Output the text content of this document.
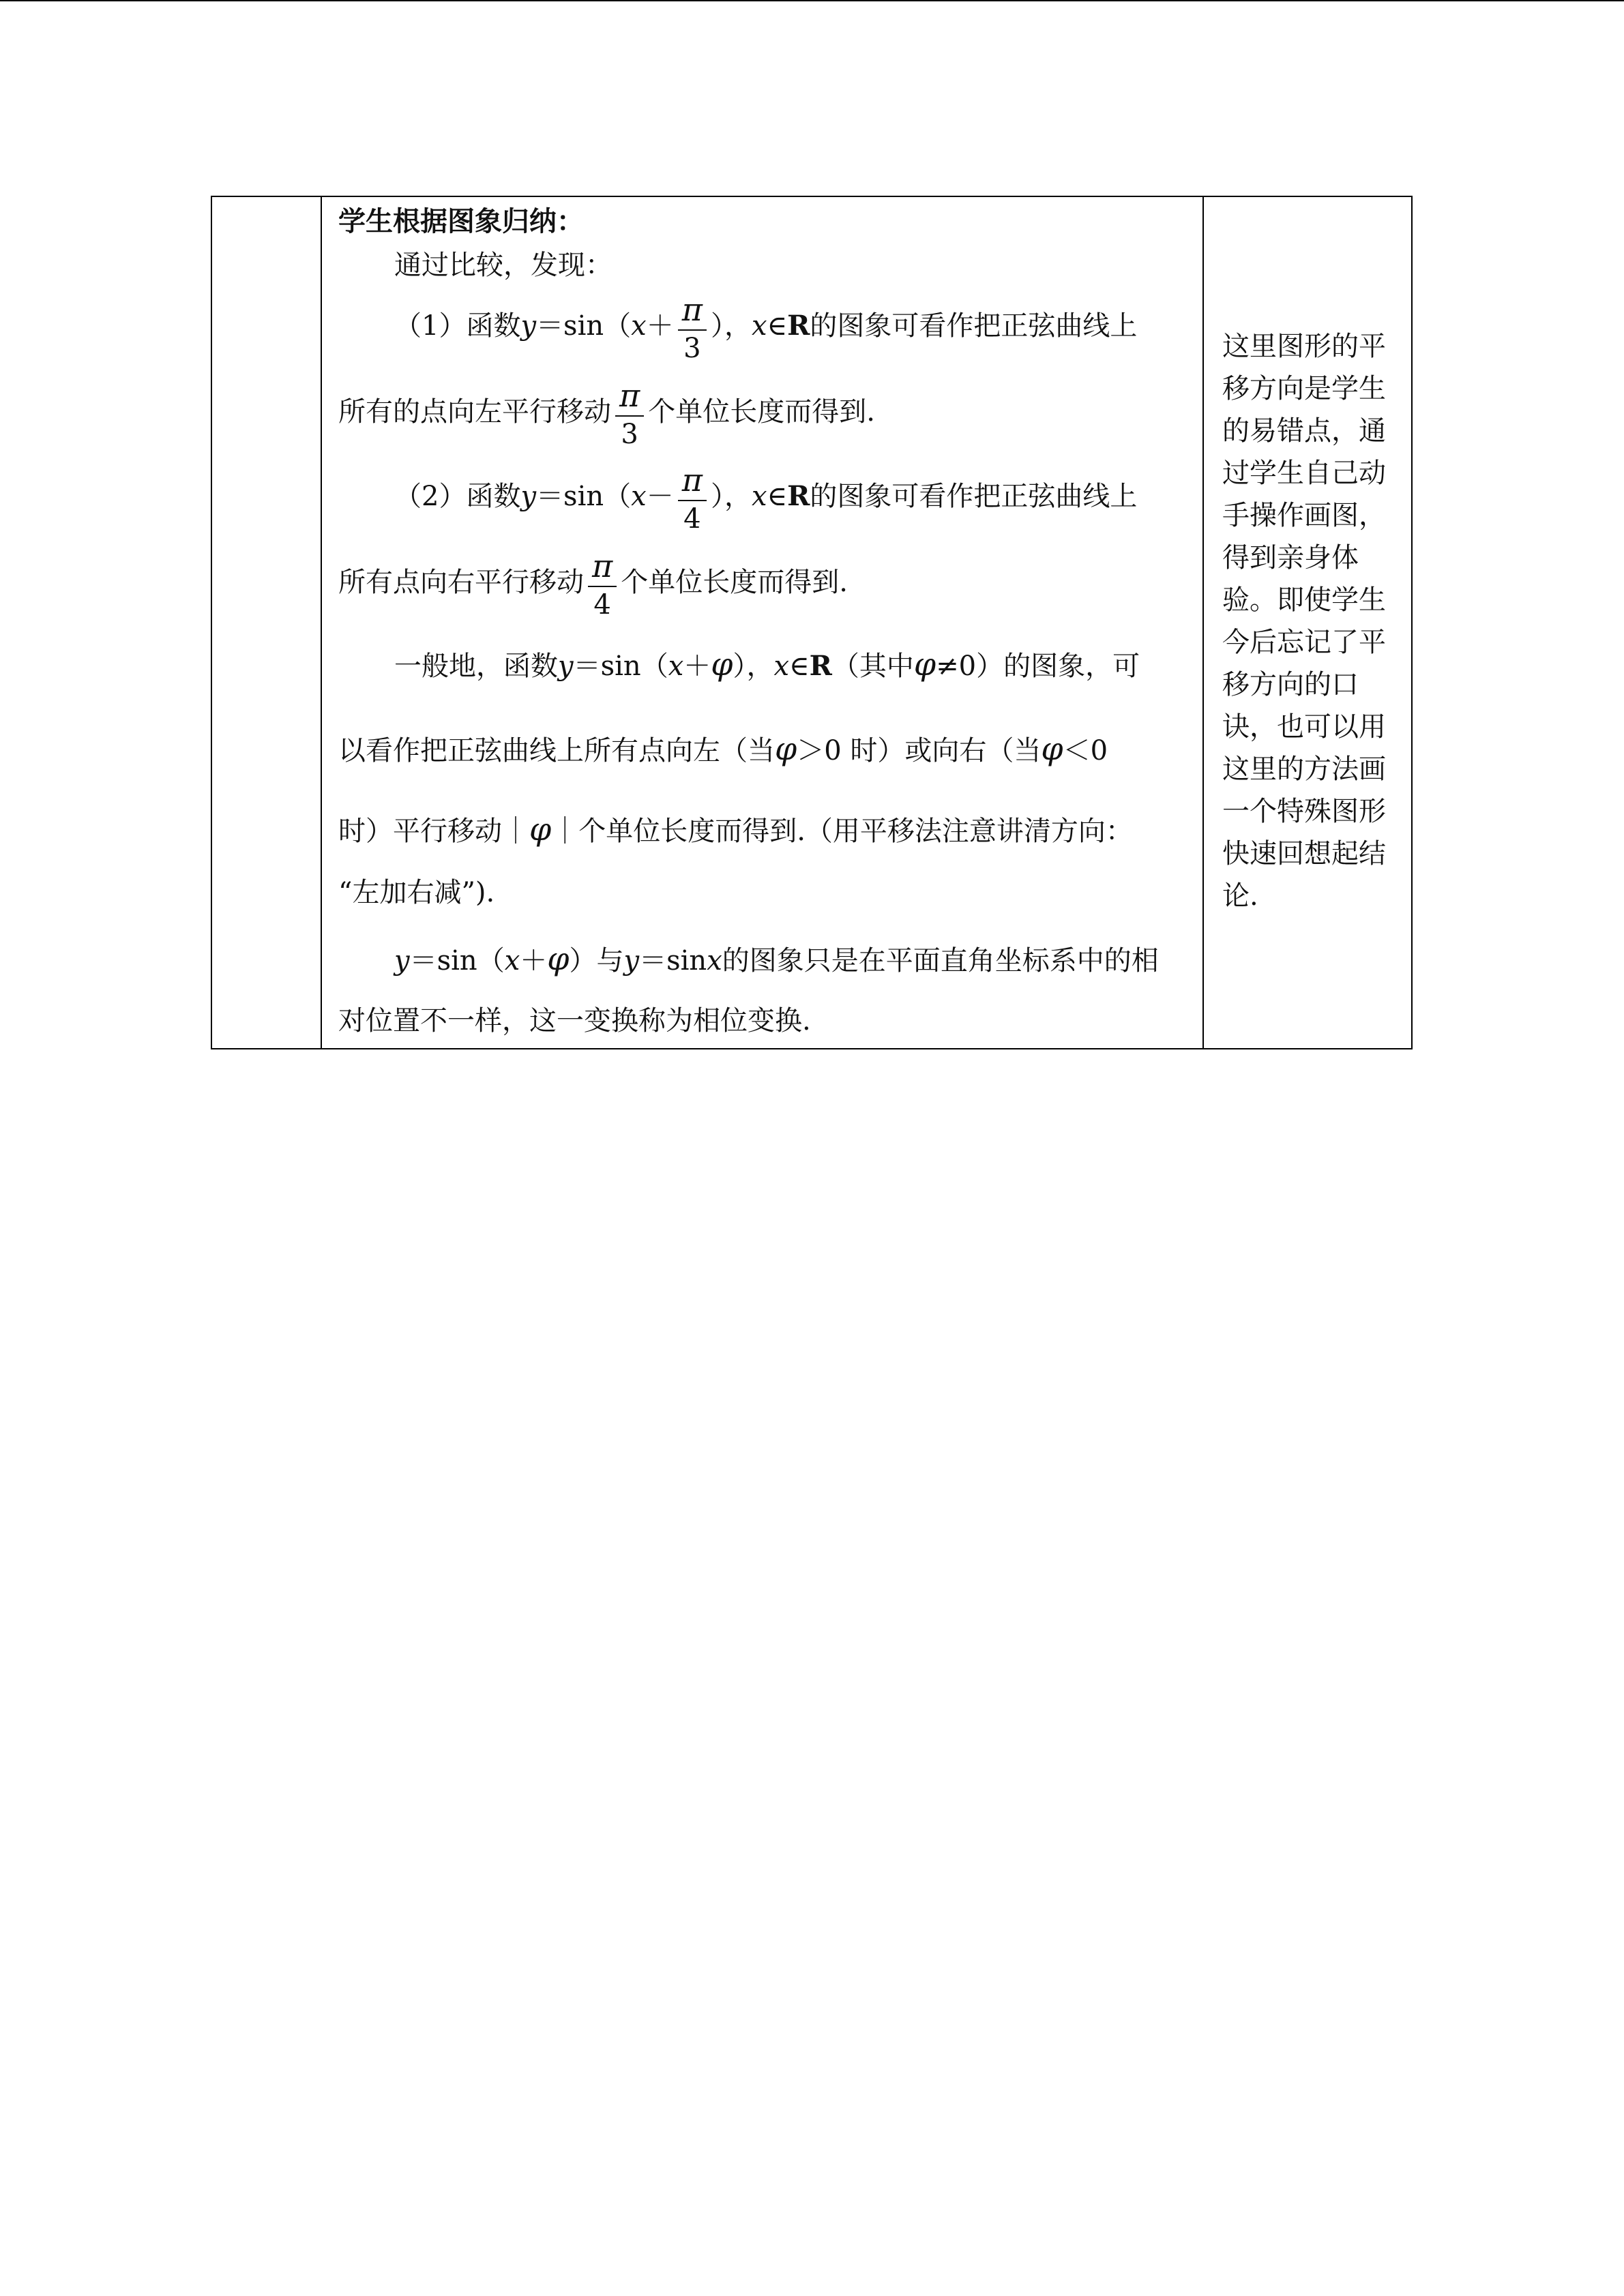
学生根据图象归纳：
通过比较，发现：
（1）函数$y=\sin(x+ \frac{\pi}{3}$ ），x∈R的图象可看作把正弦曲线上
所有的点向左平行移动 $\frac{\pi}{3}$ 个单位长度而得到.
（2）函数$y=\sin(x- \frac{\pi}{4}$ ），x∈R的图象可看作把正弦曲线上
所有点向右平行移动 $\frac{\pi}{4}$ 个单位长度而得到.
一般地，函数y＝sin（x＋φ），x∈R（其中φ≠0）的图象，可
以看作把正弦曲线上所有点向左（当φ＞0 时）或向右（当φ＜0
时）平行移动｜φ｜个单位长度而得到.（用平移法注意讲清方向：
“左加右减”).
y＝sin（x＋φ）与y＝sinx的图象只是在平面直角坐标系中的相
对位置不一样，这一变换称为相位变换.
这里图形的平
移方向是学生
的易错点，通
过学生自己动
手操作画图，
得到亲身体
验。即使学生
今后忘记了平
移方向的口
诀，也可以用
这里的方法画
一个特殊图形
快速回想起结
论.
